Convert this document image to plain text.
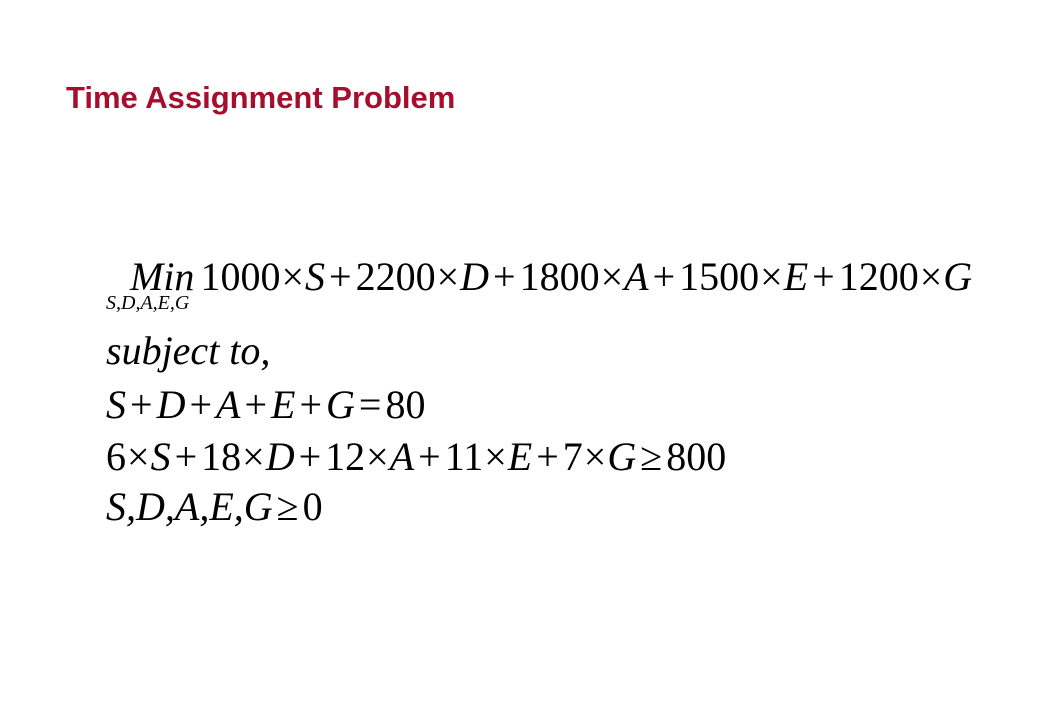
Time Assignment Problem
Min
S,D,A,E,G
1000×S + 2200×D + 1800×A + 1500×E + 1200×G
subject to,
S + D + A + E + G = 80
6 × S + 18 × D + 12 × A + 11 × E + 7 × G ≥ 800
S,D,A,E,G ≥ 0
